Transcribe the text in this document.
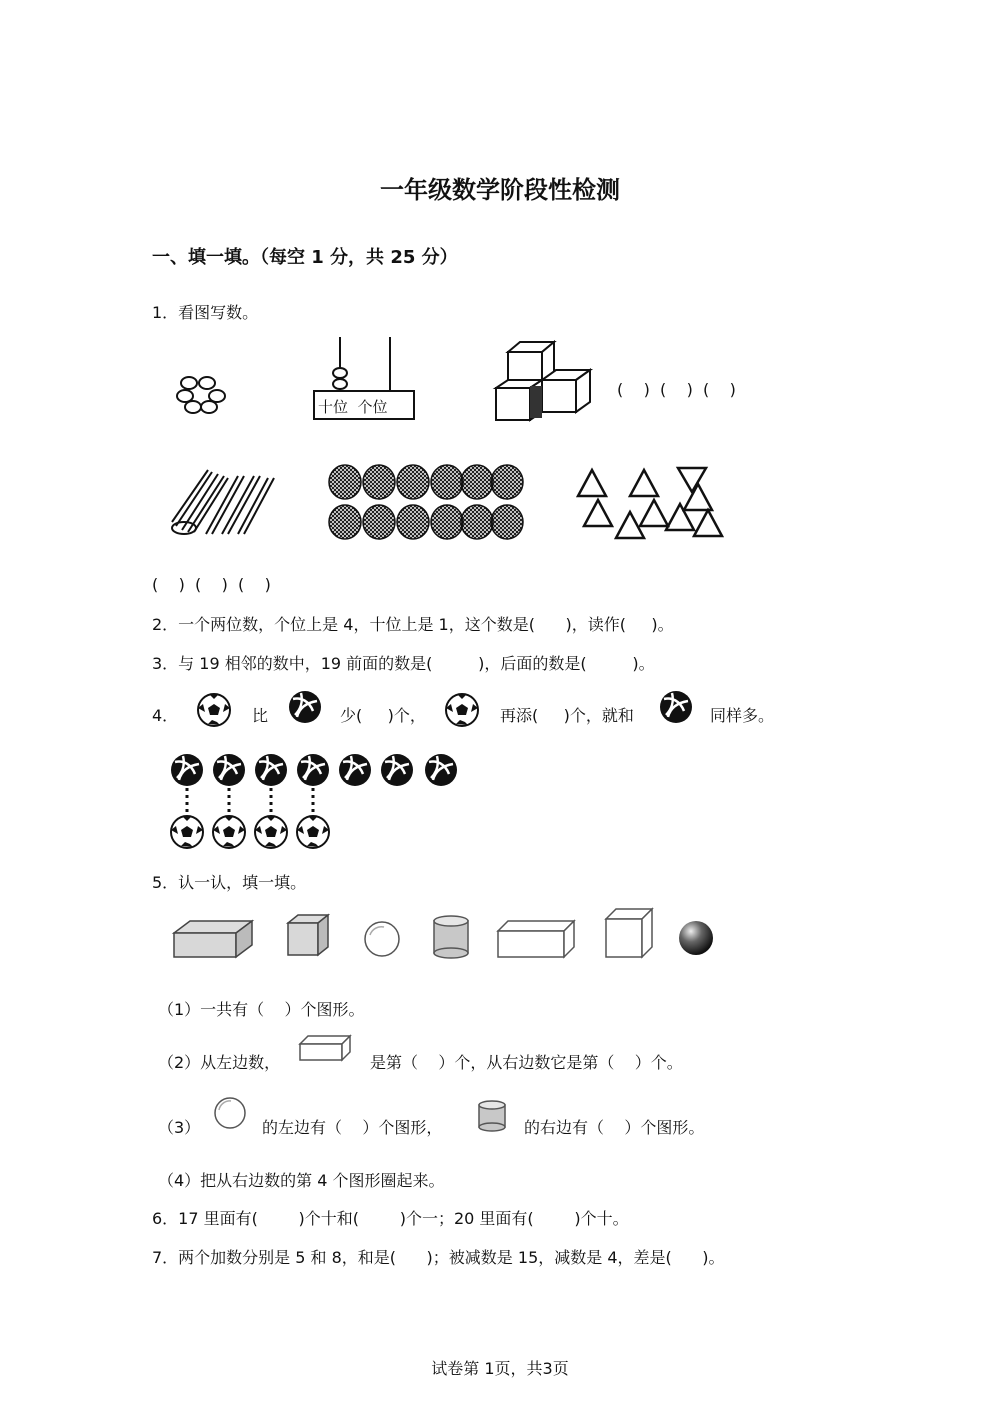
一年级数学阶段性检测
一、填一填。（每空 1 分，共 25 分）
1．看图写数。
十位  个位
(    )  (    )  (    )
(    )  (    )  (    )
2．一个两位数，个位上是 4，十位上是 1，这个数是(      )，读作(     )。
3．与 19 相邻的数中，19 前面的数是(         )，后面的数是(         )。
4．	比	少(     )个，	再添(     )个，就和	同样多。
5．认一认，填一填。
（1）一共有（    ）个图形。
（2）从左边数，	是第（    ）个，从右边数它是第（    ）个。
（3）	的左边有（    ）个图形，	的右边有（    ）个图形。
（4）把从右边数的第 4 个图形圈起来。
6．17 里面有(        )个十和(        )个一；20 里面有(        )个十。
7．两个加数分别是 5 和 8，和是(      )；被减数是 15，减数是 4，差是(      )。
试卷第 1页，共3页
